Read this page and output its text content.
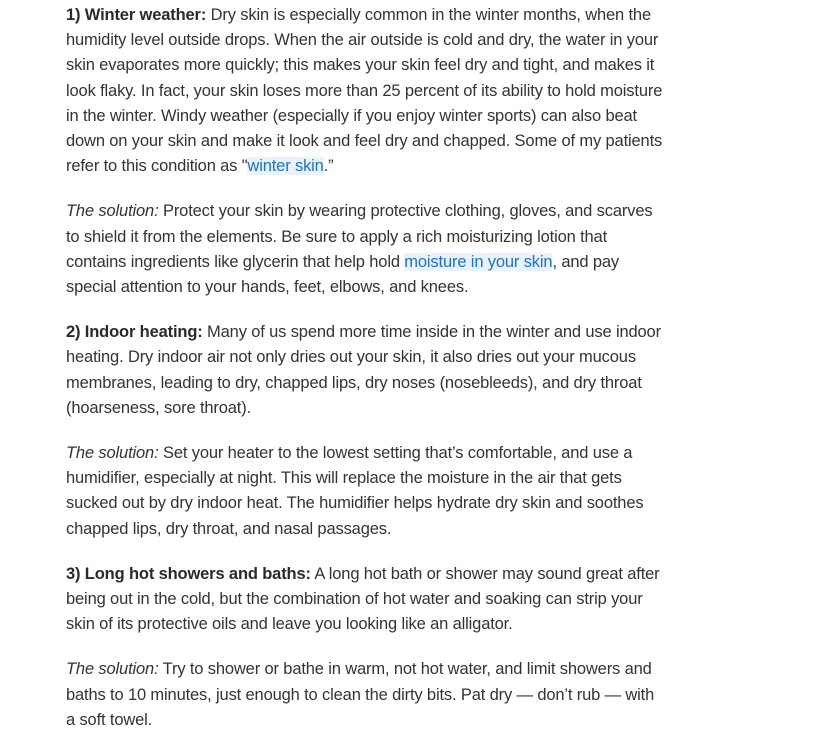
1) Winter weather: Dry skin is especially common in the winter months, when the humidity level outside drops. When the air outside is cold and dry, the water in your skin evaporates more quickly; this makes your skin feel dry and tight, and makes it look flaky. In fact, your skin loses more than 25 percent of its ability to hold moisture in the winter. Windy weather (especially if you enjoy winter sports) can also beat down on your skin and make it look and feel dry and chapped. Some of my patients refer to this condition as "winter skin.”

The solution: Protect your skin by wearing protective clothing, gloves, and scarves to shield it from the elements. Be sure to apply a rich moisturizing lotion that contains ingredients like glycerin that help hold moisture in your skin, and pay special attention to your hands, feet, elbows, and knees.

2) Indoor heating: Many of us spend more time inside in the winter and use indoor heating. Dry indoor air not only dries out your skin, it also dries out your mucous membranes, leading to dry, chapped lips, dry noses (nosebleeds), and dry throat (hoarseness, sore throat).

The solution: Set your heater to the lowest setting that’s comfortable, and use a humidifier, especially at night. This will replace the moisture in the air that gets sucked out by dry indoor heat. The humidifier helps hydrate dry skin and soothes chapped lips, dry throat, and nasal passages.

3) Long hot showers and baths: A long hot bath or shower may sound great after being out in the cold, but the combination of hot water and soaking can strip your skin of its protective oils and leave you looking like an alligator.

The solution: Try to shower or bathe in warm, not hot water, and limit showers and baths to 10 minutes, just enough to clean the dirty bits. Pat dry — don’t rub — with a soft towel.
